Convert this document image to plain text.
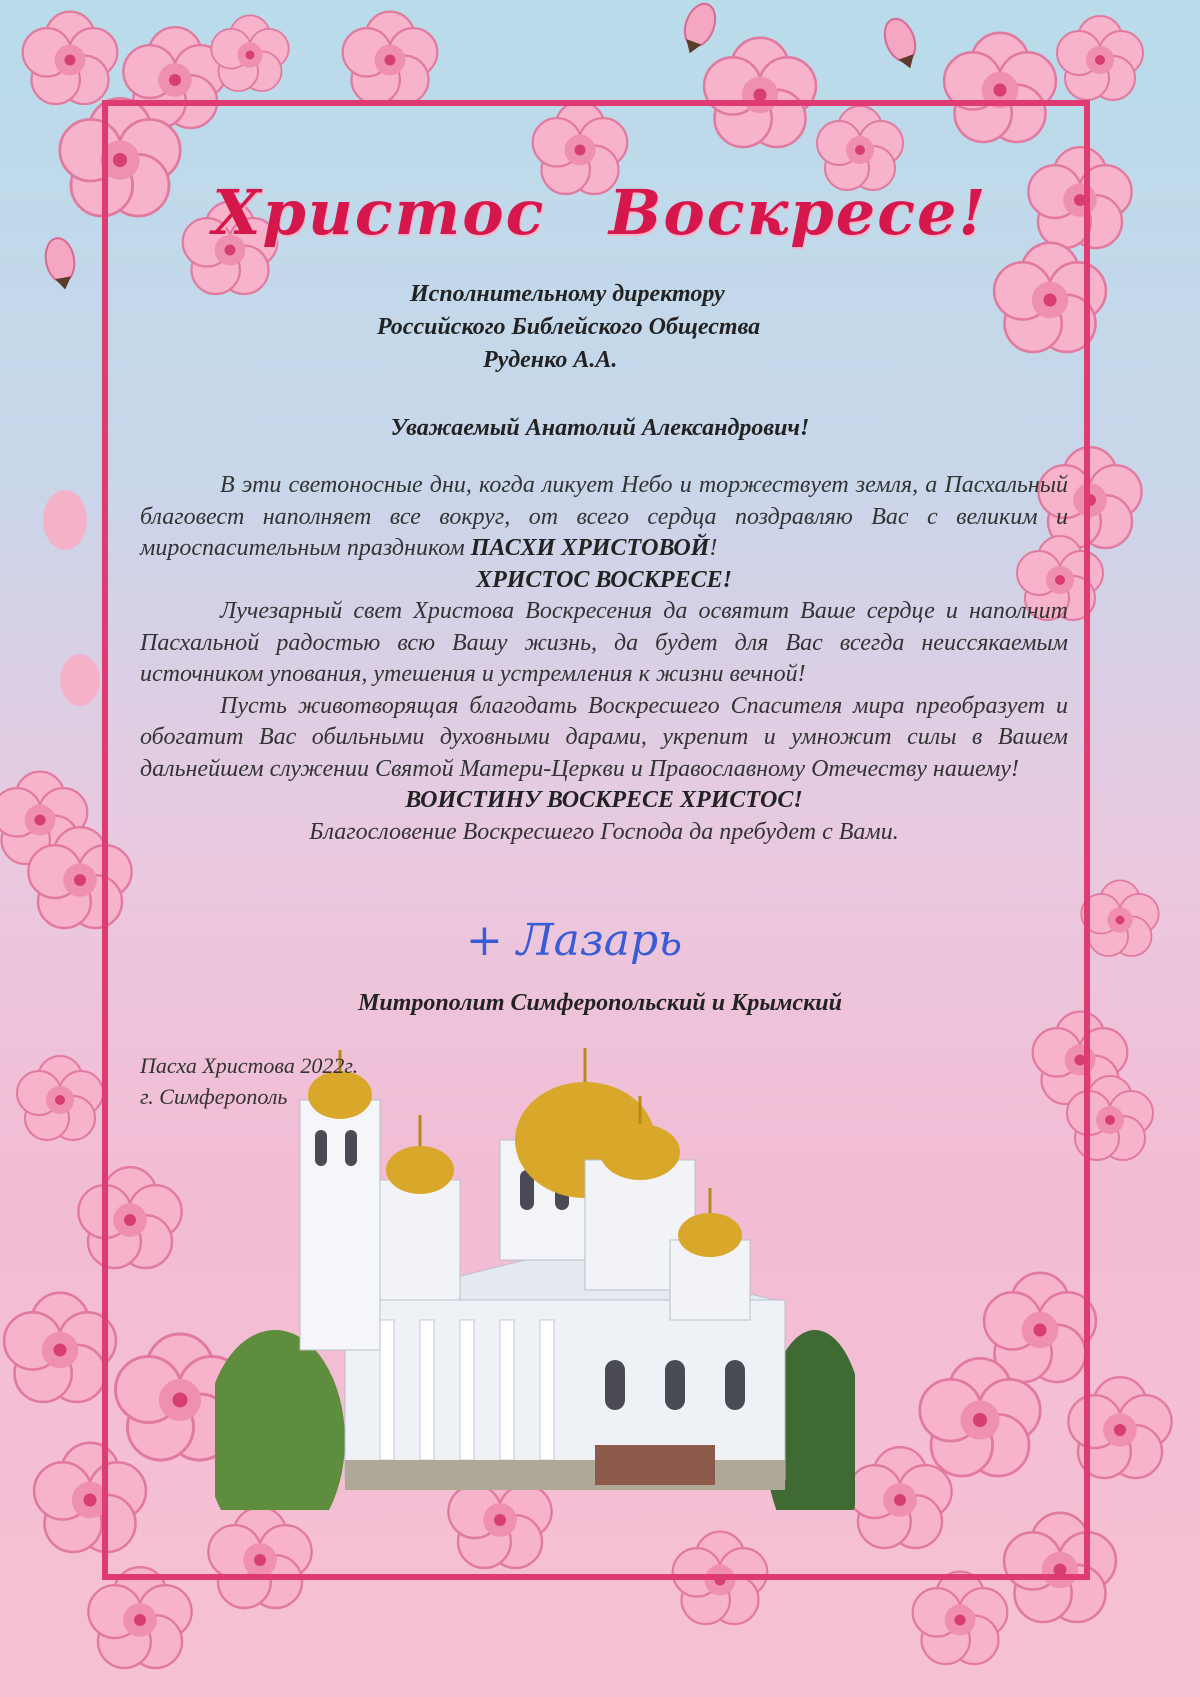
Христос Воскресе!
Исполнительному директору
Российского Библейского Общества
Руденко А.А.
Уважаемый Анатолий Александрович!

В эти светоносные дни, когда ликует Небо и торжествует земля, а Пасхальный благовест наполняет все вокруг, от всего сердца поздравляю Вас с великим и мироспасительным праздником ПАСХИ ХРИСТОВОЙ!

ХРИСТОС ВОСКРЕСЕ!

Лучезарный свет Христова Воскресения да освятит Ваше сердце и наполнит Пасхальной радостью всю Вашу жизнь, да будет для Вас всегда неиссякаемым источником упования, утешения и устремления к жизни вечной!

Пусть животворящая благодать Воскресшего Спасителя мира преобразует и обогатит Вас обильными духовными дарами, укрепит и умножит силы в Вашем дальнейшем служении Святой Матери-Церкви и Православному Отечеству нашему!

ВОИСТИНУ ВОСКРЕСЕ ХРИСТОС!

Благословение Воскресшего Господа да пребудет с Вами.

+ Лазарь
Митрополит Симферопольский и Крымский
Пасха Христова 2022г.
г. Симферополь
